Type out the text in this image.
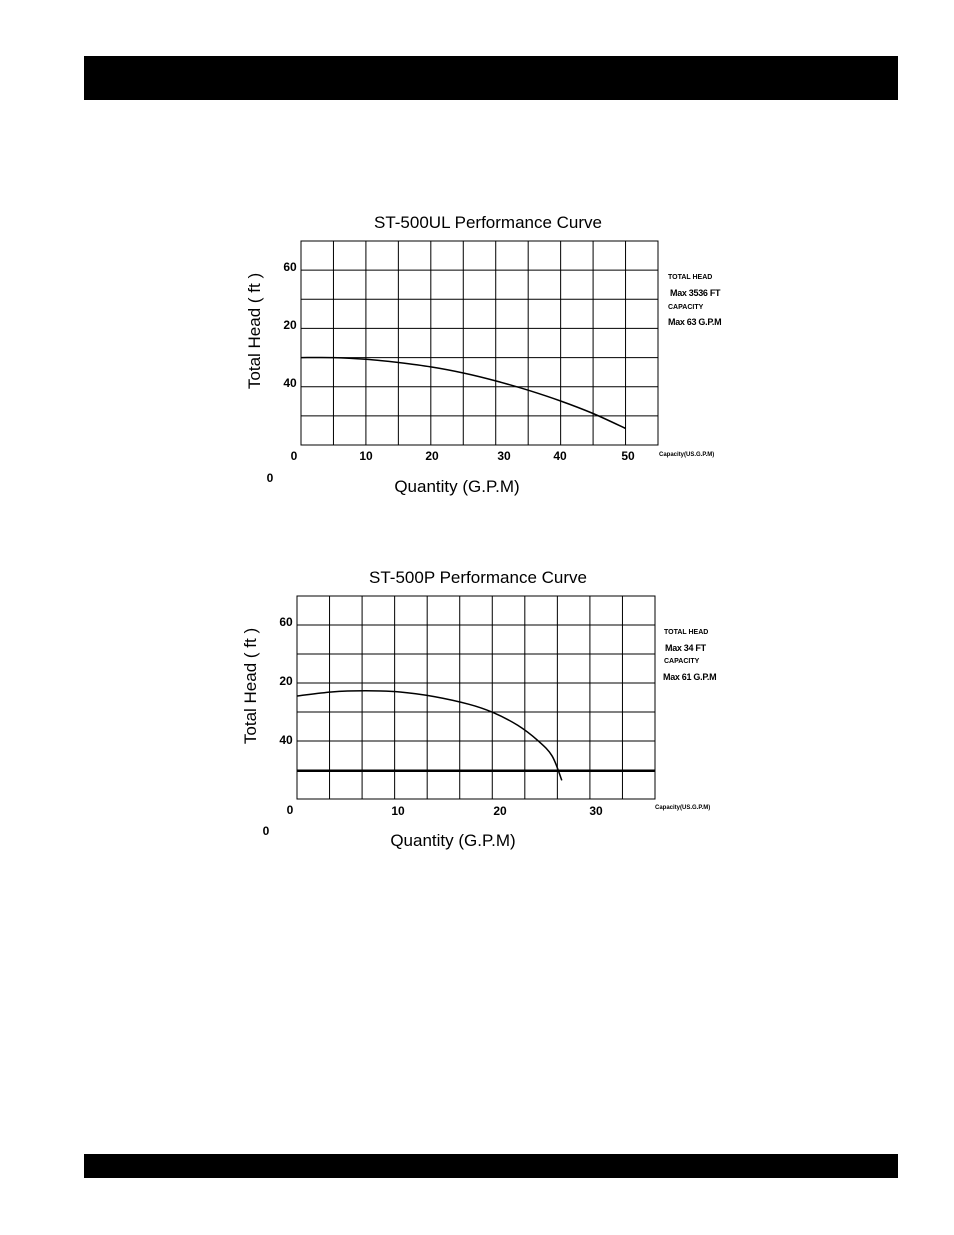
ST-500UL Performance Curve
10	20	30	40	50
20
40
60
Total Head ( ft )
Quantity (G.P.M)
0
0
TOTAL HEAD
Max 3536 FT
CAPACITY
Max 63 G.P.M
Capacity(US.G.P.M)
ST-500P Performance Curve
10	20	30
20
40
60
Total Head ( ft )
Quantity (G.P.M)
0
0
TOTAL HEAD
Max 34 FT
CAPACITY
Max 61 G.P.M
Capacity(US.G.P.M)
